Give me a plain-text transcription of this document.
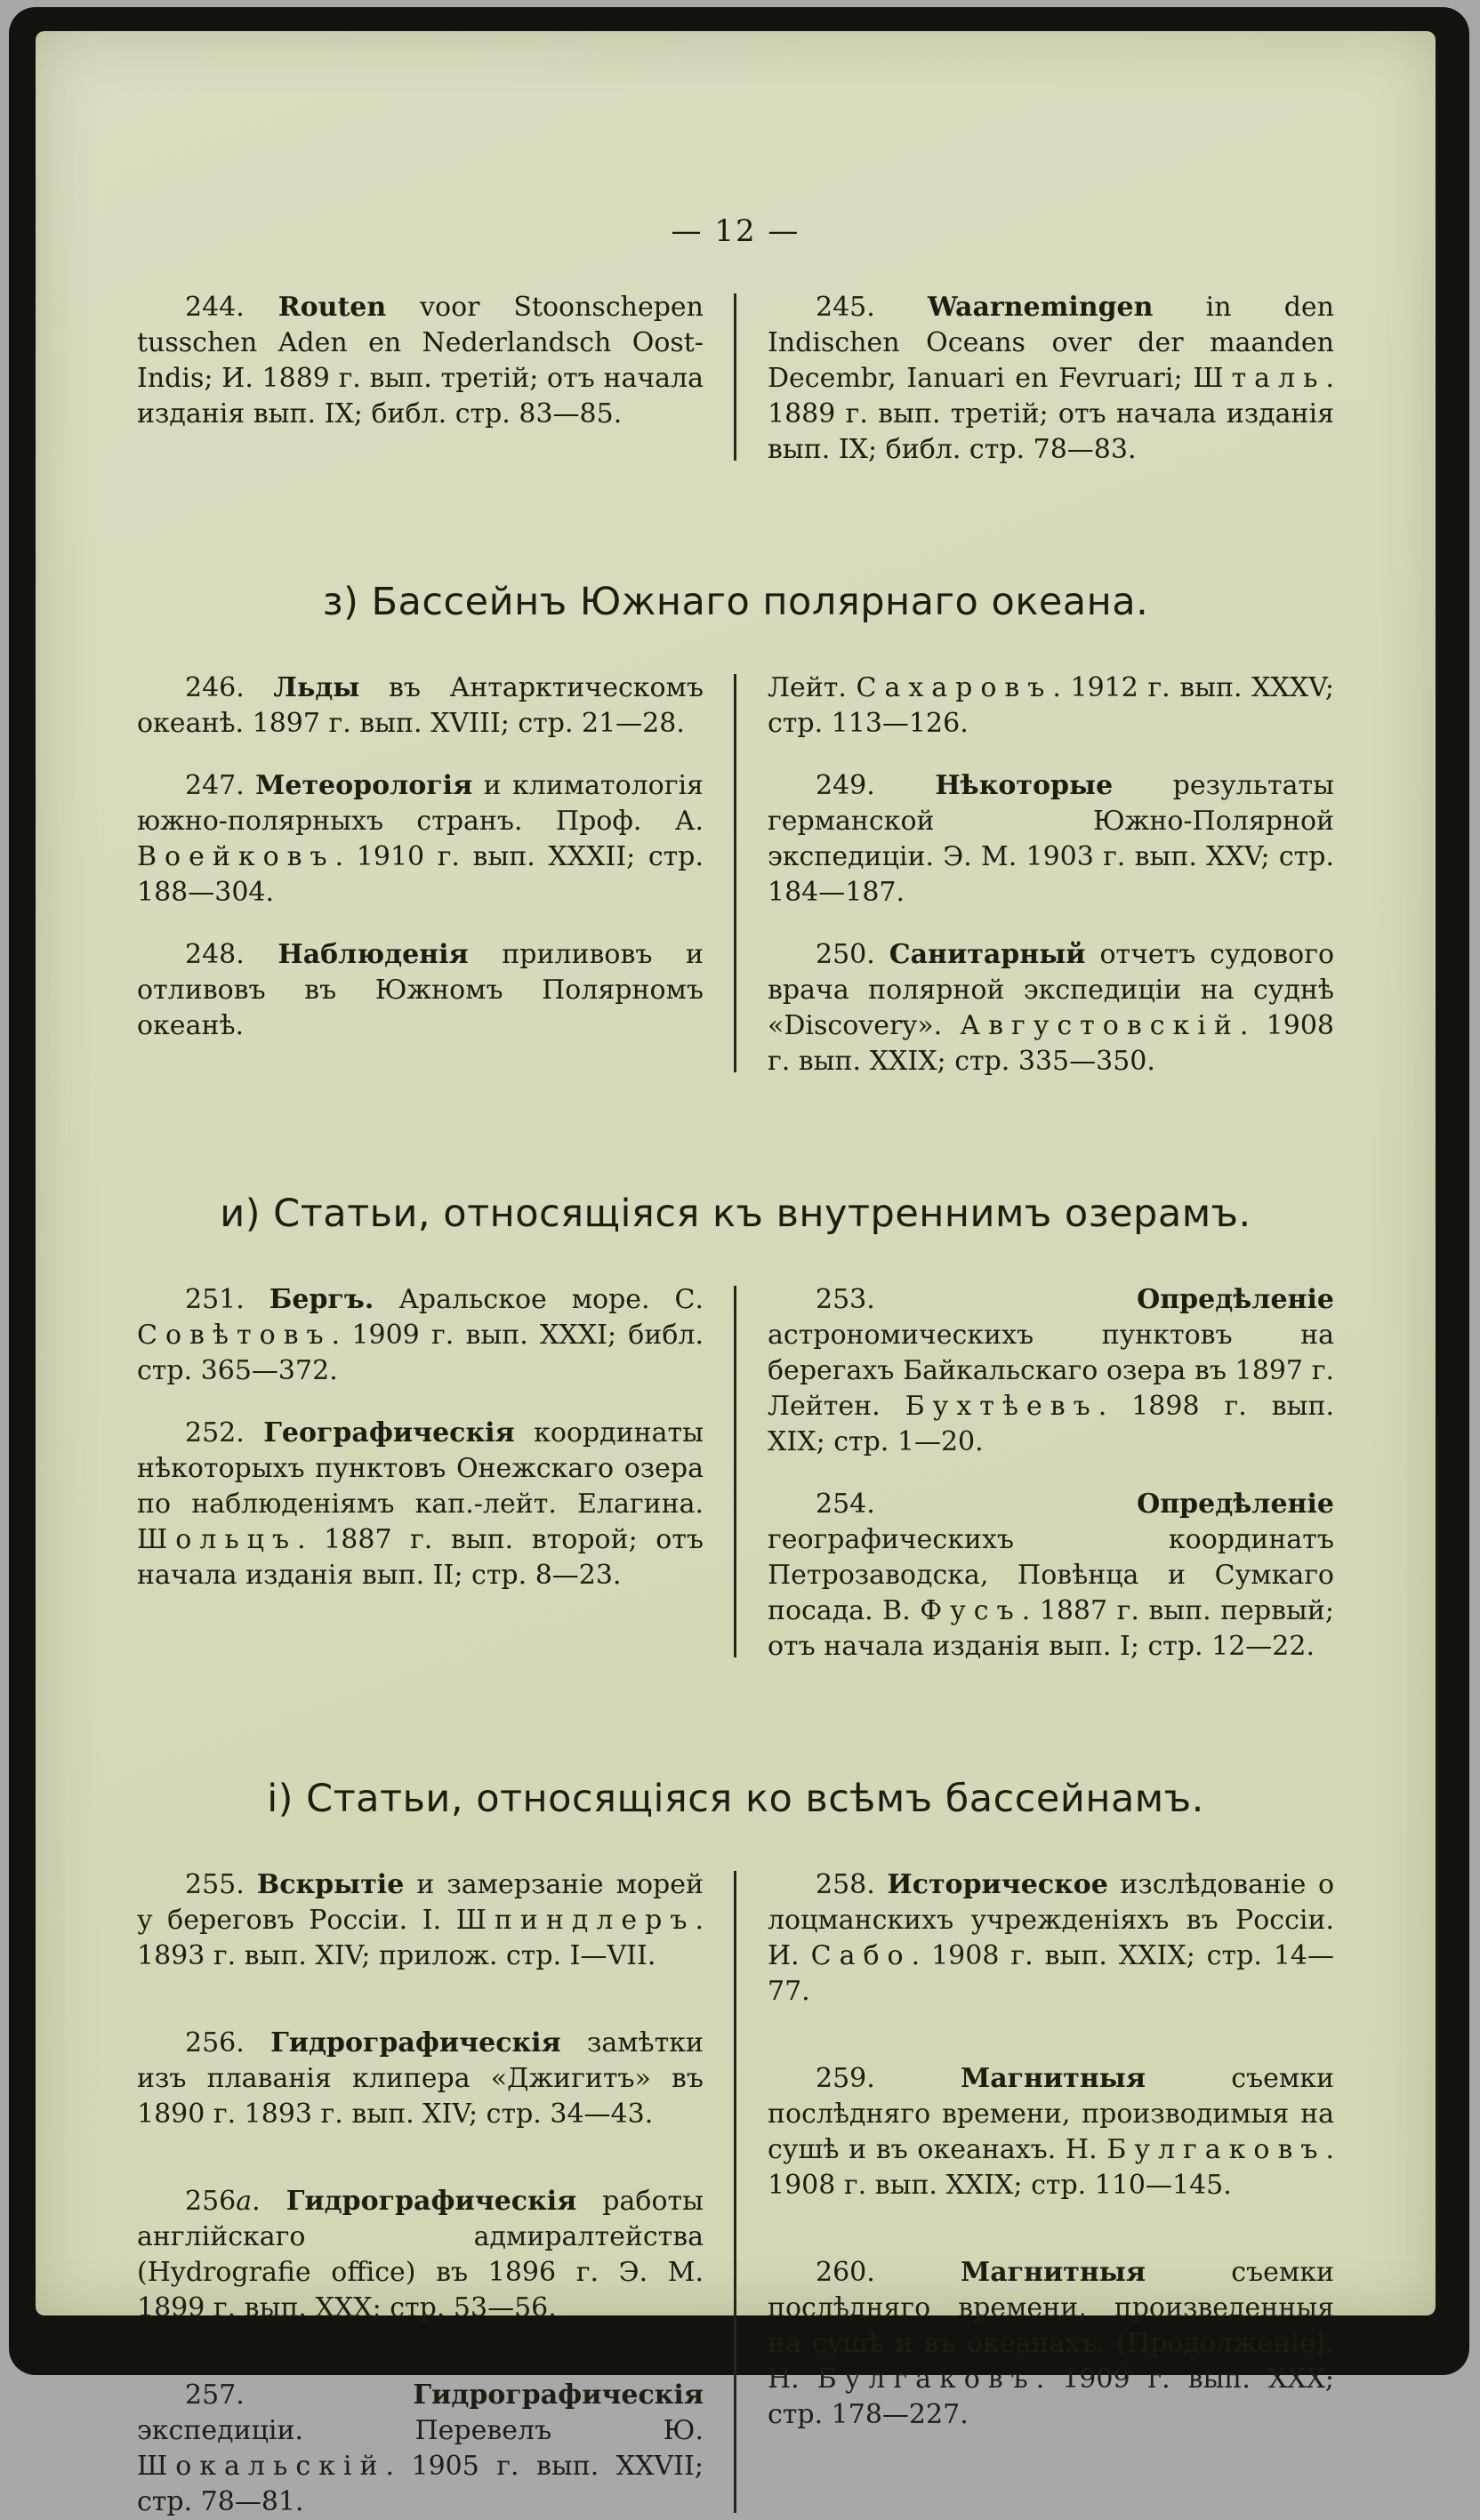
— 12 —

244. Routen voor Stoonschepen tusschen Aden en Nederlandsch Oost-Indis; И. 1889 г. вып. третій; отъ начала изданія вып. IX; библ. стр. 83—85.

245. Waarnemingen in den Indischen Oceans over der maanden Decembr, Ianuari en Fevruari; Шталь. 1889 г. вып. третій; отъ начала изданія вып. IX; библ. стр. 78—83.

з) Бассейнъ Южнаго полярнаго океана.

246. Льды въ Антарктическомъ океанѣ. 1897 г. вып. XVIII; стр. 21—28.

247. Метеорологія и климатологія южно-полярныхъ странъ. Проф. А. Воейковъ. 1910 г. вып. XXXII; стр. 188—304.

248. Наблюденія приливовъ и отливовъ въ Южномъ Полярномъ океанѣ.

Лейт. Сахаровъ. 1912 г. вып. XXXV; стр. 113—126.

249. Нѣкоторые результаты германской Южно-Полярной экспедиціи. Э. М. 1903 г. вып. XXV; стр. 184—187.

250. Санитарный отчетъ судового врача полярной экспедиціи на суднѣ «Discovery». Августовскій. 1908 г. вып. XXIX; стр. 335—350.

и) Статьи, относящіяся къ внутреннимъ озерамъ.

251. Бергъ. Аральское море. С. Совѣтовъ. 1909 г. вып. XXXI; библ. стр. 365—372.

252. Географическія координаты нѣкоторыхъ пунктовъ Онежскаго озера по наблюденіямъ кап.-лейт. Елагина. Шольцъ. 1887 г. вып. второй; отъ начала изданія вып. II; стр. 8—23.

253. Опредѣленіе астрономическихъ пунктовъ на берегахъ Байкальскаго озера въ 1897 г. Лейтен. Бухтѣевъ. 1898 г. вып. XIX; стр. 1—20.

254. Опредѣленіе географическихъ координатъ Петрозаводска, Повѣнца и Сумкаго посада. В. Фусъ. 1887 г. вып. первый; отъ начала изданія вып. I; стр. 12—22.

і) Статьи, относящіяся ко всѣмъ бассейнамъ.

255. Вскрытіе и замерзаніе морей у береговъ Россіи. І. Шпиндлеръ. 1893 г. вып. XIV; прилож. стр. I—VII.

256. Гидрографическія замѣтки изъ плаванія клипера «Джигитъ» въ 1890 г. 1893 г. вып. XIV; стр. 34—43.

256а. Гидрографическія работы англійскаго адмиралтейства (Hydrografie office) въ 1896 г. Э. М. 1899 г. вып. XXX; стр. 53—56.

257. Гидрографическія экспедиціи. Перевелъ Ю. Шокальскій. 1905 г. вып. XXVII; стр. 78—81.

258. Историческое изслѣдованіе о лоцманскихъ учрежденіяхъ въ Россіи. И. Сабо. 1908 г. вып. XXIX; стр. 14—77.

259. Магнитныя съемки послѣдняго времени, производимыя на сушѣ и въ океанахъ. Н. Булгаковъ. 1908 г. вып. XXIX; стр. 110—145.

260. Магнитныя съемки послѣдняго времени, произведенныя на сушѣ и въ океанахъ. (Продолженіе). Н. Булгаковъ. 1909 г. вып. XXX; стр. 178—227.
